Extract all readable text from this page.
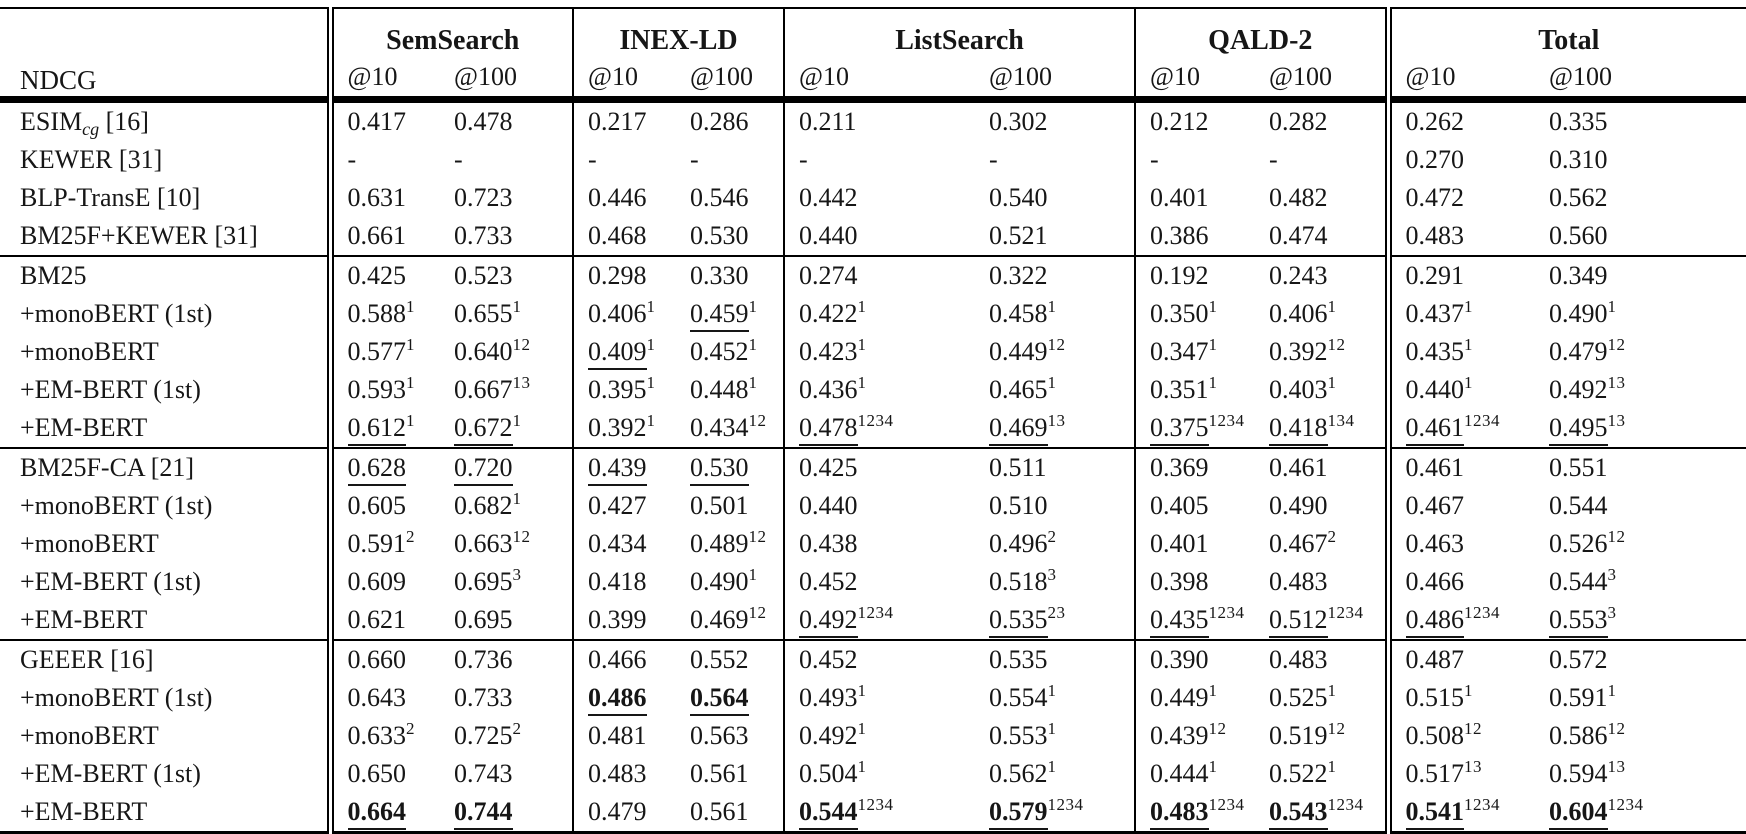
NDCG	SemSearch		INEX-LD		ListSearch		QALD-2		Total	
	@10	@100	@10	@100	@10	@100	@10	@100	@10	@100
$ESIM_{cg}$ [16]	0.417	0.478	0.217	0.286	0.211	0.302	0.212	0.282	0.262	0.335
KEWER [31]	-	-	-	-	-	-	-	-	0.270	0.310
BLP-TransE [10]	0.631	0.723	0.446	0.546	0.442	0.540	0.401	0.482	0.472	0.562
BM25F+KEWER [31]	0.661	0.733	0.468	0.530	0.440	0.521	0.386	0.474	0.483	0.560
BM25	0.425	0.523	0.298	0.330	0.274	0.322	0.192	0.243	0.291	0.349
+monoBERT (1st)	0.588$^1$	0.655$^1$	0.406$^1$	0.459$^1$	0.422$^1$	0.458$^1$	0.350$^1$	0.406$^1$	0.437$^1$	$0.490^1$
+monoBERT	0.577$^1$	0.640$^{12}$	0.409$^1$	0.452$^1$	0.423$^1$	0.449$^{12}$	0.347$^1$	0.392$^{12}$	0.435$^1$	$0.479^{12}$
+EM-BERT (1st)	0.593$^1$	0.667$^{13}$	0.395$^1$	0.448$^1$	0.436$^1$	0.465$^1$	0.351$^1$	0.403$^1$	0.440$^1$	$0.492^{13}$
+EM-BERT	0.612$^1$	0.672$^1$	0.392$^1$	0.434$^{12}$	$0.478^{1234}$	0.469$^{13}$	$0.375^{1234}$	0.418$^{134}$	$0.461^{1234}$	0.495$^{13}$
BM25F-CA [21]	0.628	0.720	0.439	0.530	0.425	0.511	0.369	0.461	0.461	0.551
+monoBERT (1st)	0.605	0.682$^1$	0.427	0.501	0.440	0.510	0.405	0.490	0.467	0.544
+monoBERT	0.591$^2$	0.663$^{12}$	0.434	0.489$^{12}$	0.438	0.496$^2$	0.401	0.467$^2$	0.463	$0.526^{12}$
+EM-BERT (1st)	0.609	0.695$^3$	0.418	0.490$^1$	0.452	0.518$^3$	0.398	0.483	0.466	$0.544^3$
+EM-BERT	0.621	0.695	0.399	0.469$^{12}$	$0.492^{1234}$	0.535$^{23}$	$0.435^{1234}$	$0.512^{1234}$	$0.486^{1234}$	0.553$^3$
GEEER [16]	0.660	0.736	0.466	0.552	0.452	0.535	0.390	0.483	0.487	0.572
+monoBERT (1st)	0.643	0.733	0.486	0.564	0.493$^1$	0.554$^1$	0.449$^1$	0.525$^1$	0.515$^1$	$0.591^1$
+monoBERT	0.633$^2$	0.725$^2$	0.481	0.563	0.492$^1$	0.553$^1$	0.439$^{12}$	0.519$^{12}$	0.508$^{12}$	$0.586^{12}$
+EM-BERT (1st)	0.650	0.743	0.483	0.561	0.504$^1$	0.562$^1$	0.444$^1$	0.522$^1$	0.517$^{13}$	$0.594^{13}$
+EM-BERT	0.664	0.744	0.479	0.561	$0.544^{1234}$	$0.579^{1234}$	$0.483^{1234}$	$0.543^{1234}$	$0.541^{1234}$	$0.604^{1234}$
